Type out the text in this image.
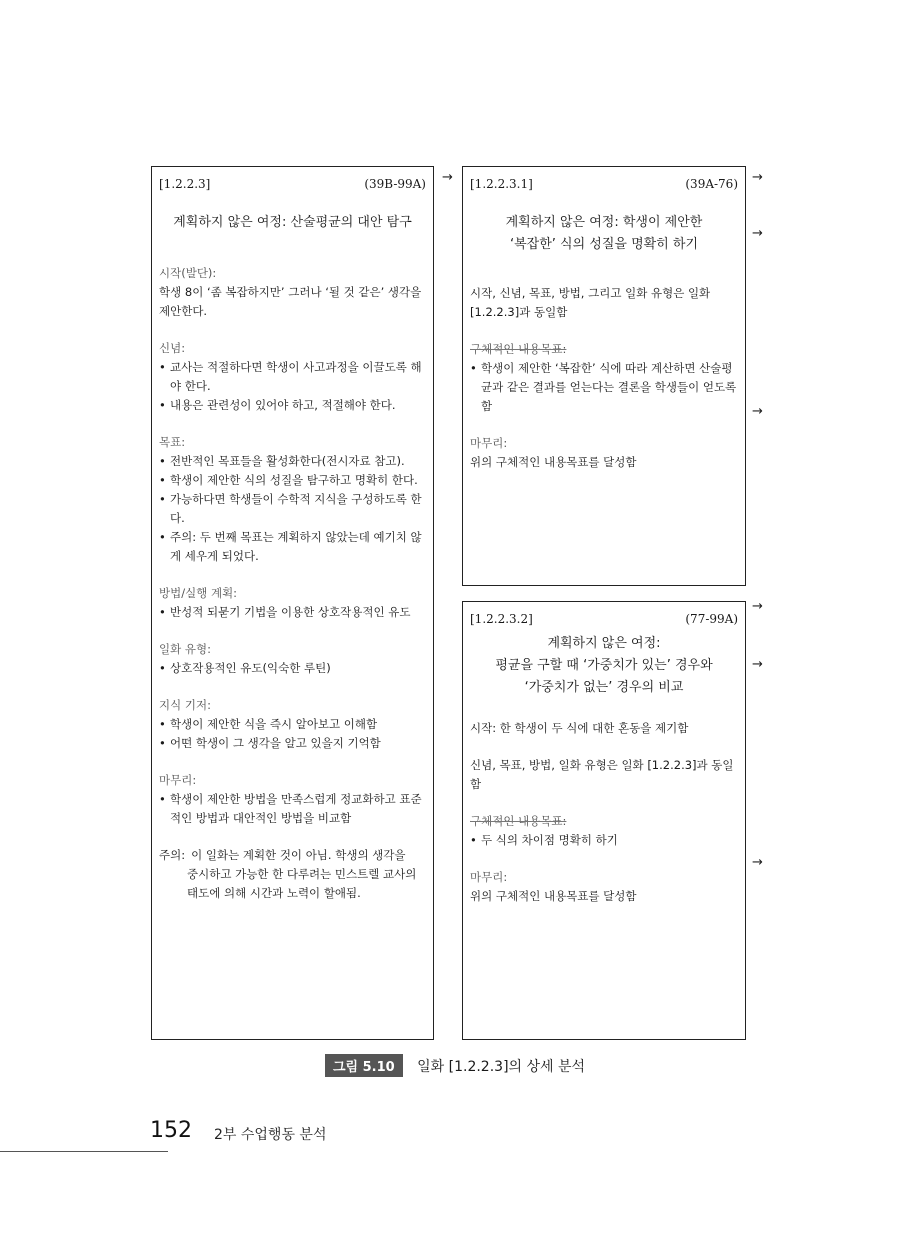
[1.2.2.3]	(39B-99A)
계획하지 않은 여정: 산술평균의 대안 탐구
시작(발단):
학생 8이 ‘좀 복잡하지만’ 그러나 ‘될 것 같은’ 생각을 제안한다.
신념:
• 교사는 적절하다면 학생이 사고과정을 이끌도록 해야 한다.
• 내용은 관련성이 있어야 하고, 적절해야 한다.
목표:
• 전반적인 목표들을 활성화한다(전시자료 참고).
• 학생이 제안한 식의 성질을 탐구하고 명확히 한다.
• 가능하다면 학생들이 수학적 지식을 구성하도록 한다.
• 주의: 두 번째 목표는 계획하지 않았는데 예기치 않게 세우게 되었다.
방법/실행 계획:
• 반성적 되묻기 기법을 이용한 상호작용적인 유도
일화 유형:
• 상호작용적인 유도(익숙한 루틴)
지식 기저:
• 학생이 제안한 식을 즉시 알아보고 이해함
• 어떤 학생이 그 생각을 알고 있을지 기억함
마무리:
• 학생이 제안한 방법을 만족스럽게 정교화하고 표준적인 방법과 대안적인 방법을 비교함
주의: 이 일화는 계획한 것이 아님. 학생의 생각을
중시하고 가능한 한 다루려는 민스트렐 교사의 태도에 의해 시간과 노력이 할애됨.
[1.2.2.3.1]	(39A-76)
계획하지 않은 여정: 학생이 제안한
‘복잡한’ 식의 성질을 명확히 하기
시작, 신념, 목표, 방법, 그리고 일화 유형은 일화 [1.2.2.3]과 동일함
구체적인 내용목표:
• 학생이 제안한 ‘복잡한’ 식에 따라 계산하면 산술평균과 같은 결과를 얻는다는 결론을 학생들이 얻도록 함
마무리:
위의 구체적인 내용목표를 달성함
[1.2.2.3.2]	(77-99A)
계획하지 않은 여정:
평균을 구할 때 ‘가중치가 있는’ 경우와
‘가중치가 없는’ 경우의 비교
시작: 한 학생이 두 식에 대한 혼동을 제기함
신념, 목표, 방법, 일화 유형은 일화 [1.2.2.3]과 동일함
구체적인 내용목표:
• 두 식의 차이점 명확히 하기
마무리:
위의 구체적인 내용목표를 달성함
→	→
→
→
→
→
→
그림 5.10 일화 [1.2.2.3]의 상세 분석
152 2부 수업행동 분석
